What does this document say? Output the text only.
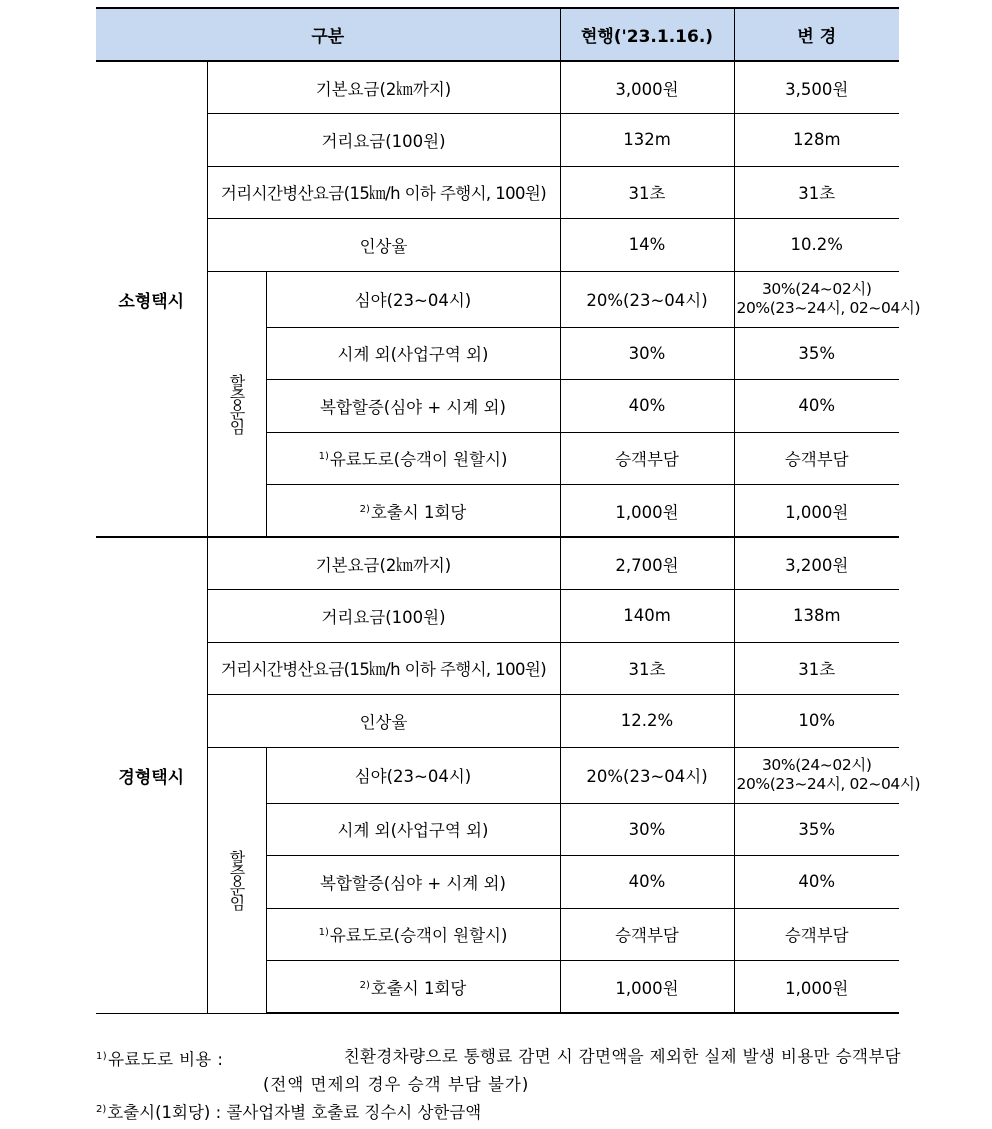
구분			현행('23.1.16.)	변 경
소형택시	기본요금(2㎞까지)		3,000원	3,500원
	거리요금(100원)		132m	128m
	거리시간병산요금(15㎞/h 이하 주행시, 100원)		31초	31초
	인상율		14%	10.2%
	할증운임	심야(23~04시)	20%(23~04시)	30%(24~02시)
20%(23~24시, 02~04시)

		시계 외(사업구역 외)	30%	35%
		복합할증(심야 + 시계 외)	40%	40%
		$^{1)}$유료도로(승객이 원할시)	승객부담	승객부담
		$^{2)}$호출시 1회당	1,000원	1,000원
경형택시	기본요금(2㎞까지)		2,700원	3,200원
	거리요금(100원)		140m	138m
	거리시간병산요금(15㎞/h 이하 주행시, 100원)		31초	31초
	인상율		12.2%	10%
	할증운임	심야(23~04시)	20%(23~04시)	30%(24~02시)
20%(23~24시, 02~04시)

		시계 외(사업구역 외)	30%	35%
		복합할증(심야 + 시계 외)	40%	40%
		$^{1)}$유료도로(승객이 원할시)	승객부담	승객부담
		$^{2)}$호출시 1회당	1,000원	1,000원
$^{1)}$유료도로 비용 :	친환경차량으로 통행료 감면 시 감면액을 제외한 실제 발생 비용만 승객부담
(전액 면제의 경우 승객 부담 불가)
$^{2)}$호출시(1회당) : 콜사업자별 호출료 징수시 상한금액
